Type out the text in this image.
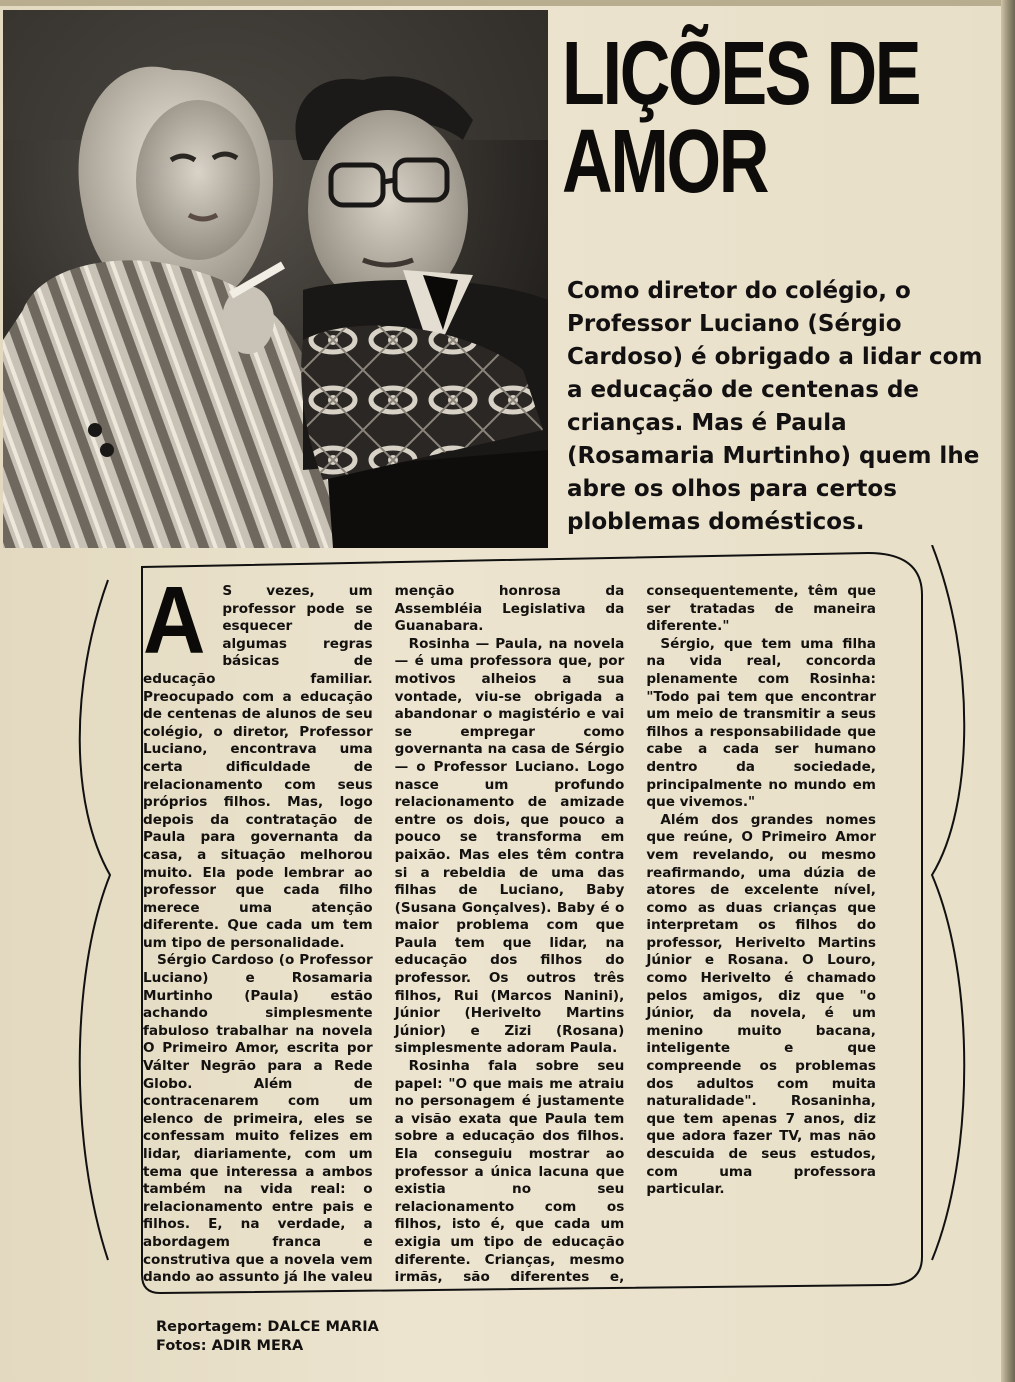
LIÇÕES DE
AMOR

Como diretor do colégio, o Professor Luciano (Sérgio Cardoso) é obrigado a lidar com a educação de centenas de crianças. Mas é Paula (Rosamaria Murtinho) quem lhe abre os olhos para certos ploblemas domésticos.

A S vezes, um professor pode se esquecer de algumas regras básicas de educação familiar. Preocupado com a educação de centenas de alunos de seu colégio, o diretor, Professor Luciano, encontrava uma certa dificuldade de relacionamento com seus próprios filhos. Mas, logo depois da contratação de Paula para governanta da casa, a situação melhorou muito. Ela pode lembrar ao professor que cada filho merece uma atenção diferente. Que cada um tem um tipo de personalidade.

Sérgio Cardoso (o Professor Luciano) e Rosamaria Murtinho (Paula) estão achando simplesmente fabuloso trabalhar na novela O Primeiro Amor, escrita por Válter Negrão para a Rede Globo. Além de contracenarem com um elenco de primeira, eles se confessam muito felizes em lidar, diariamente, com um tema que interessa a ambos também na vida real: o relacionamento entre pais e filhos. E, na verdade, a abordagem franca e construtiva que a novela vem dando ao assunto já lhe valeu menção honrosa da Assembléia Legislativa da Guanabara.

Rosinha — Paula, na novela — é uma professora que, por motivos alheios a sua vontade, viu-se obrigada a abandonar o magistério e vai se empregar como governanta na casa de Sérgio — o Professor Luciano. Logo nasce um profundo relacionamento de amizade entre os dois, que pouco a pouco se transforma em paixão. Mas eles têm contra si a rebeldia de uma das filhas de Luciano, Baby (Susana Gonçalves). Baby é o maior problema com que Paula tem que lidar, na educação dos filhos do professor. Os outros três filhos, Rui (Marcos Nanini), Júnior (Herivelto Martins Júnior) e Zizi (Rosana) simplesmente adoram Paula.

Rosinha fala sobre seu papel: "O que mais me atraiu no personagem é justamente a visão exata que Paula tem sobre a educação dos filhos. Ela conseguiu mostrar ao professor a única lacuna que existia no seu relacionamento com os filhos, isto é, que cada um exigia um tipo de educação diferente. Crianças, mesmo irmãs, são diferentes e, consequentemente, têm que ser tratadas de maneira diferente."

Sérgio, que tem uma filha na vida real, concorda plenamente com Rosinha: "Todo pai tem que encontrar um meio de transmitir a seus filhos a responsabilidade que cabe a cada ser humano dentro da sociedade, principalmente no mundo em que vivemos."

Além dos grandes nomes que reúne, O Primeiro Amor vem revelando, ou mesmo reafirmando, uma dúzia de atores de excelente nível, como as duas crianças que interpretam os filhos do professor, Herivelto Martins Júnior e Rosana. O Louro, como Herivelto é chamado pelos amigos, diz que "o Júnior, da novela, é um menino muito bacana, inteligente e que compreende os problemas dos adultos com muita naturalidade". Rosaninha, que tem apenas 7 anos, diz que adora fazer TV, mas não descuida de seus estudos, com uma professora particular.

Reportagem: DALCE MARIA
Fotos: ADIR MERA
